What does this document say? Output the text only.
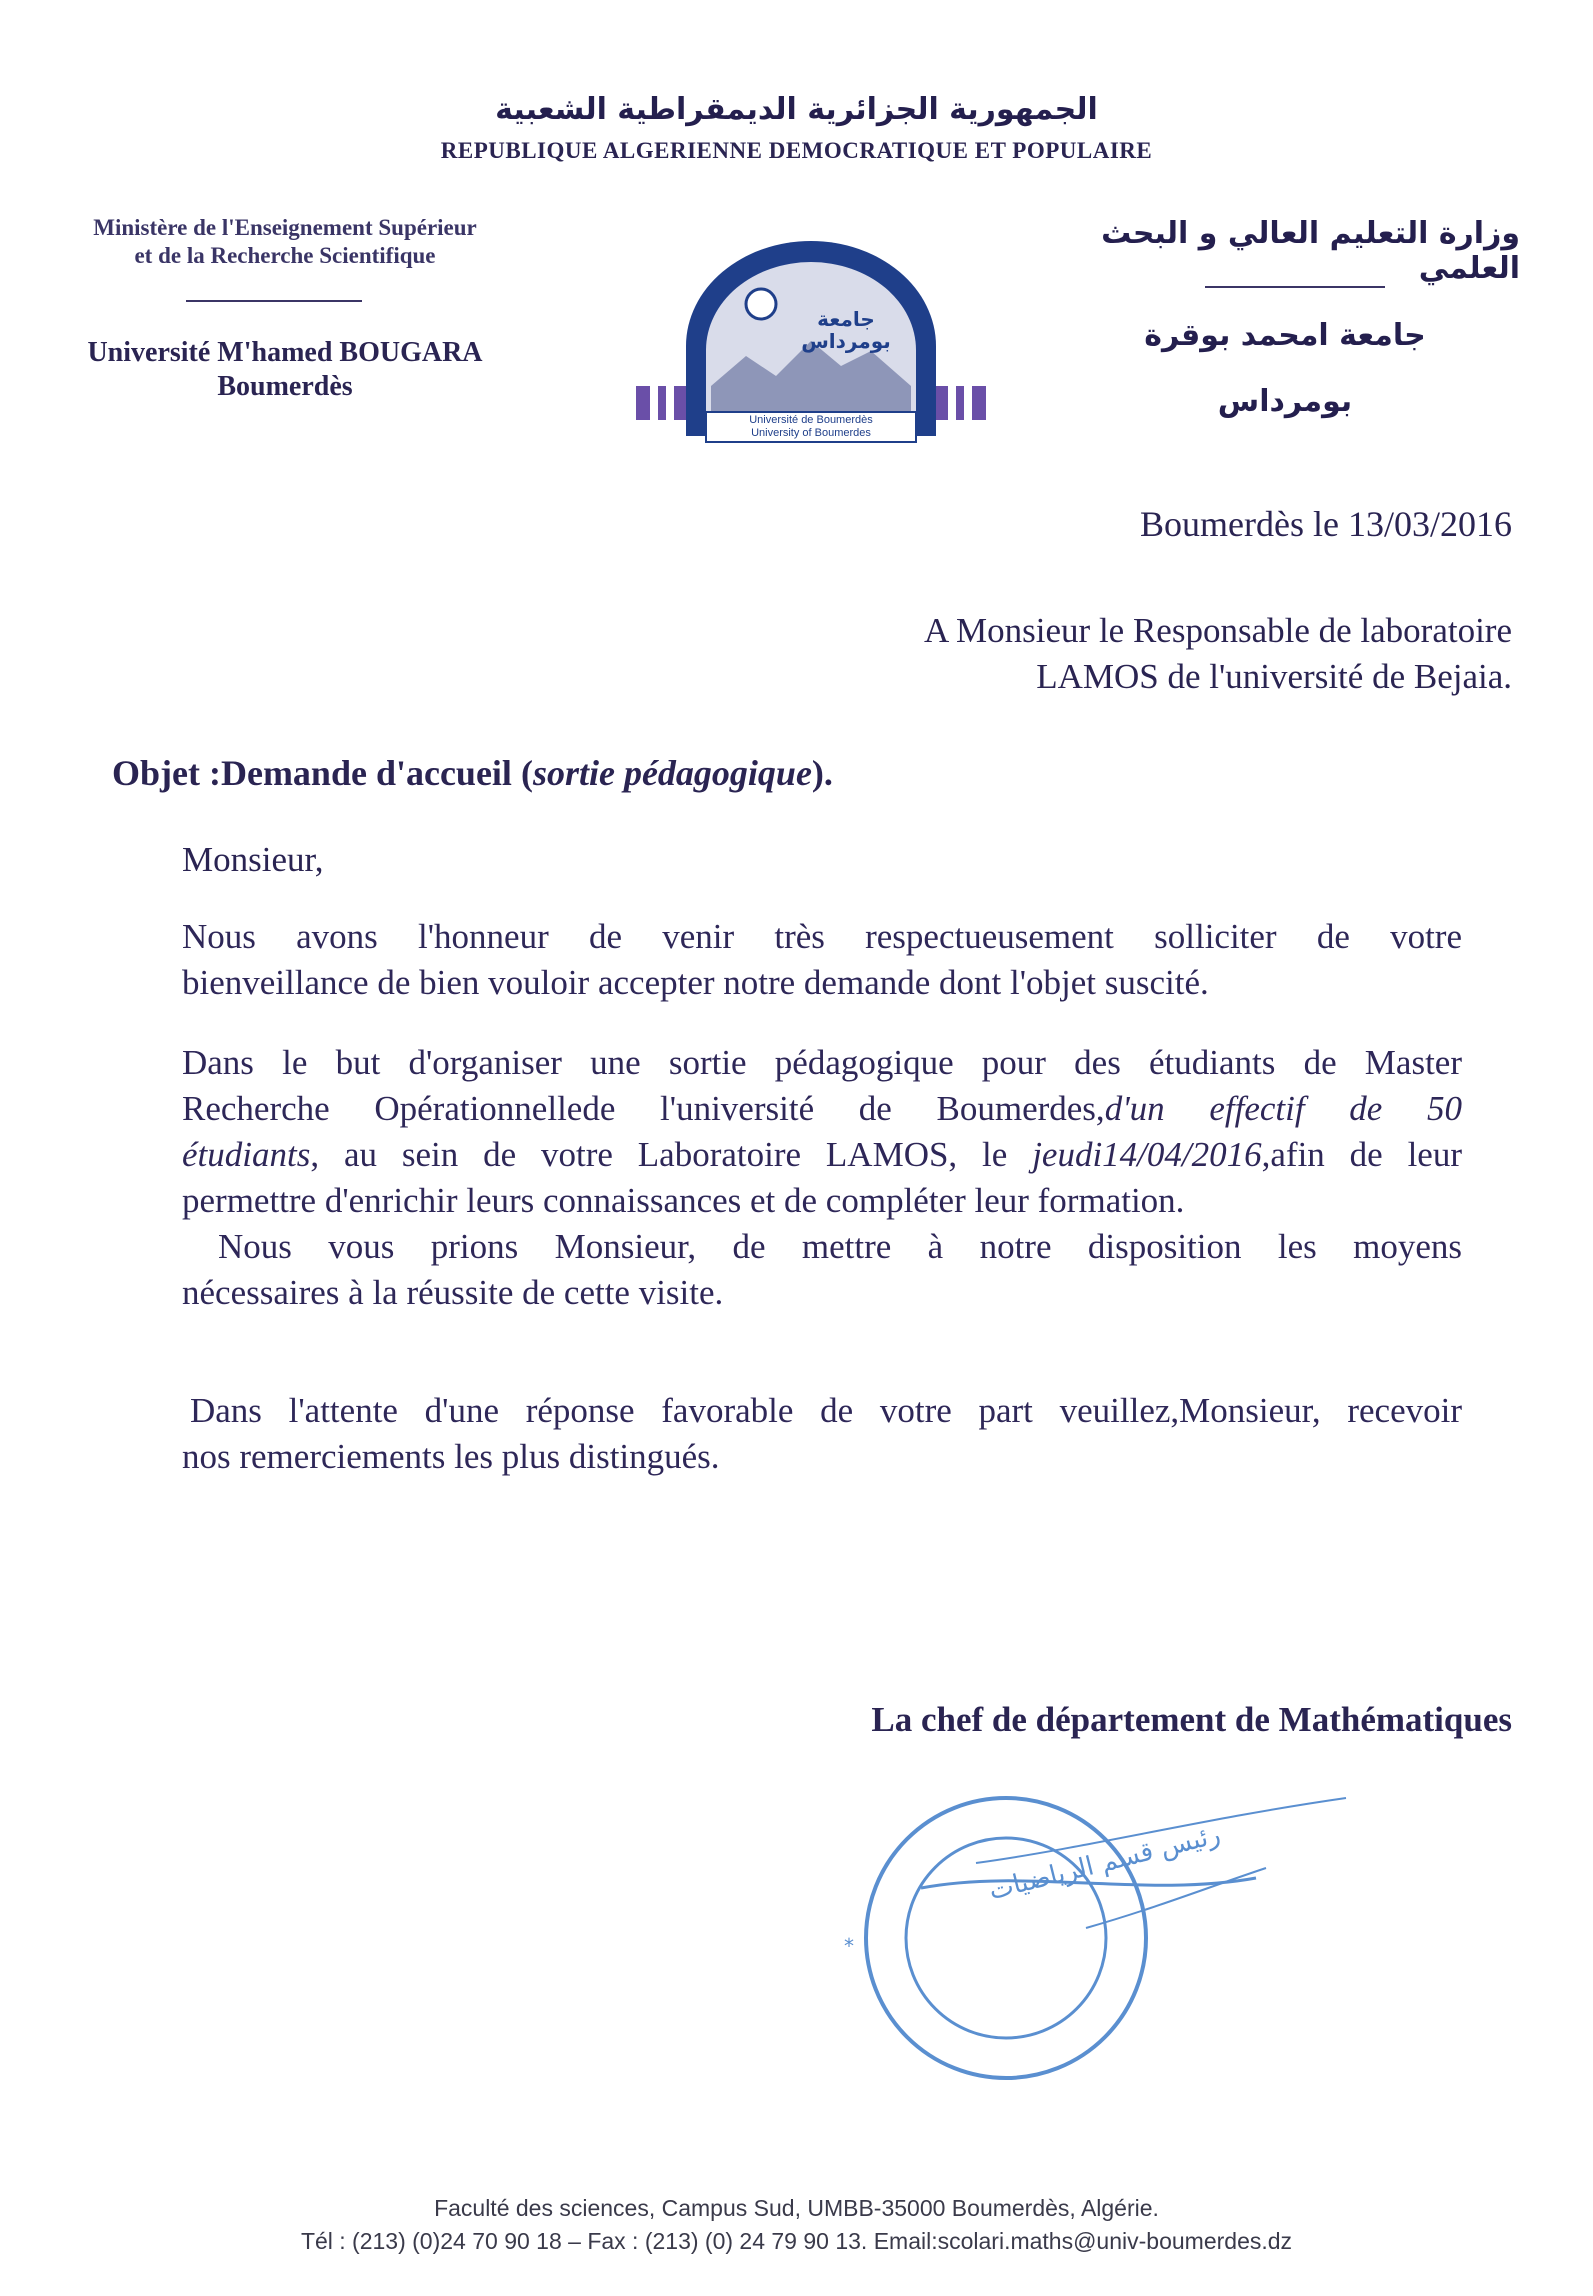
الجمهورية الجزائرية الديمقراطية الشعبية
REPUBLIQUE ALGERIENNE DEMOCRATIQUE ET POPULAIRE
Ministère de l'Enseignement Supérieur
et de la Recherche Scientifique
Université M'hamed BOUGARA
Boumerdès
وزارة التعليم العالي و البحث العلمي
جامعة امحمد بوقرة
بومرداس
جامعة
بومرداس
Université de Boumerdès
University of Boumerdes
Boumerdès le 13/03/2016
A Monsieur le Responsable de laboratoire
LAMOS de l'université de Bejaia.
Objet :Demande d'accueil (sortie pédagogique).
Monsieur,
Nous avons l'honneur de venir très respectueusement solliciter de votre
bienveillance de bien vouloir accepter notre demande dont l'objet suscité.
Dans le but d'organiser une sortie pédagogique pour des étudiants de Master
Recherche Opérationnellede l'université de Boumerdes,d'un effectif de 50
étudiants, au sein de votre Laboratoire LAMOS, le jeudi14/04/2016,afin de leur
permettre d'enrichir leurs connaissances et de compléter leur formation.
Nous vous prions Monsieur, de mettre à notre disposition les moyens
nécessaires à la réussite de cette visite.
Dans l'attente d'une réponse favorable de votre part veuillez,Monsieur, recevoir
nos remerciements les plus distingués.
La chef de département de Mathématiques
*
رئيس قسم الرياضيات
Faculté des sciences, Campus Sud, UMBB-35000 Boumerdès, Algérie.
Tél : (213) (0)24 70 90 18 – Fax : (213) (0) 24 79 90 13. Email:scolari.maths@univ-boumerdes.dz
